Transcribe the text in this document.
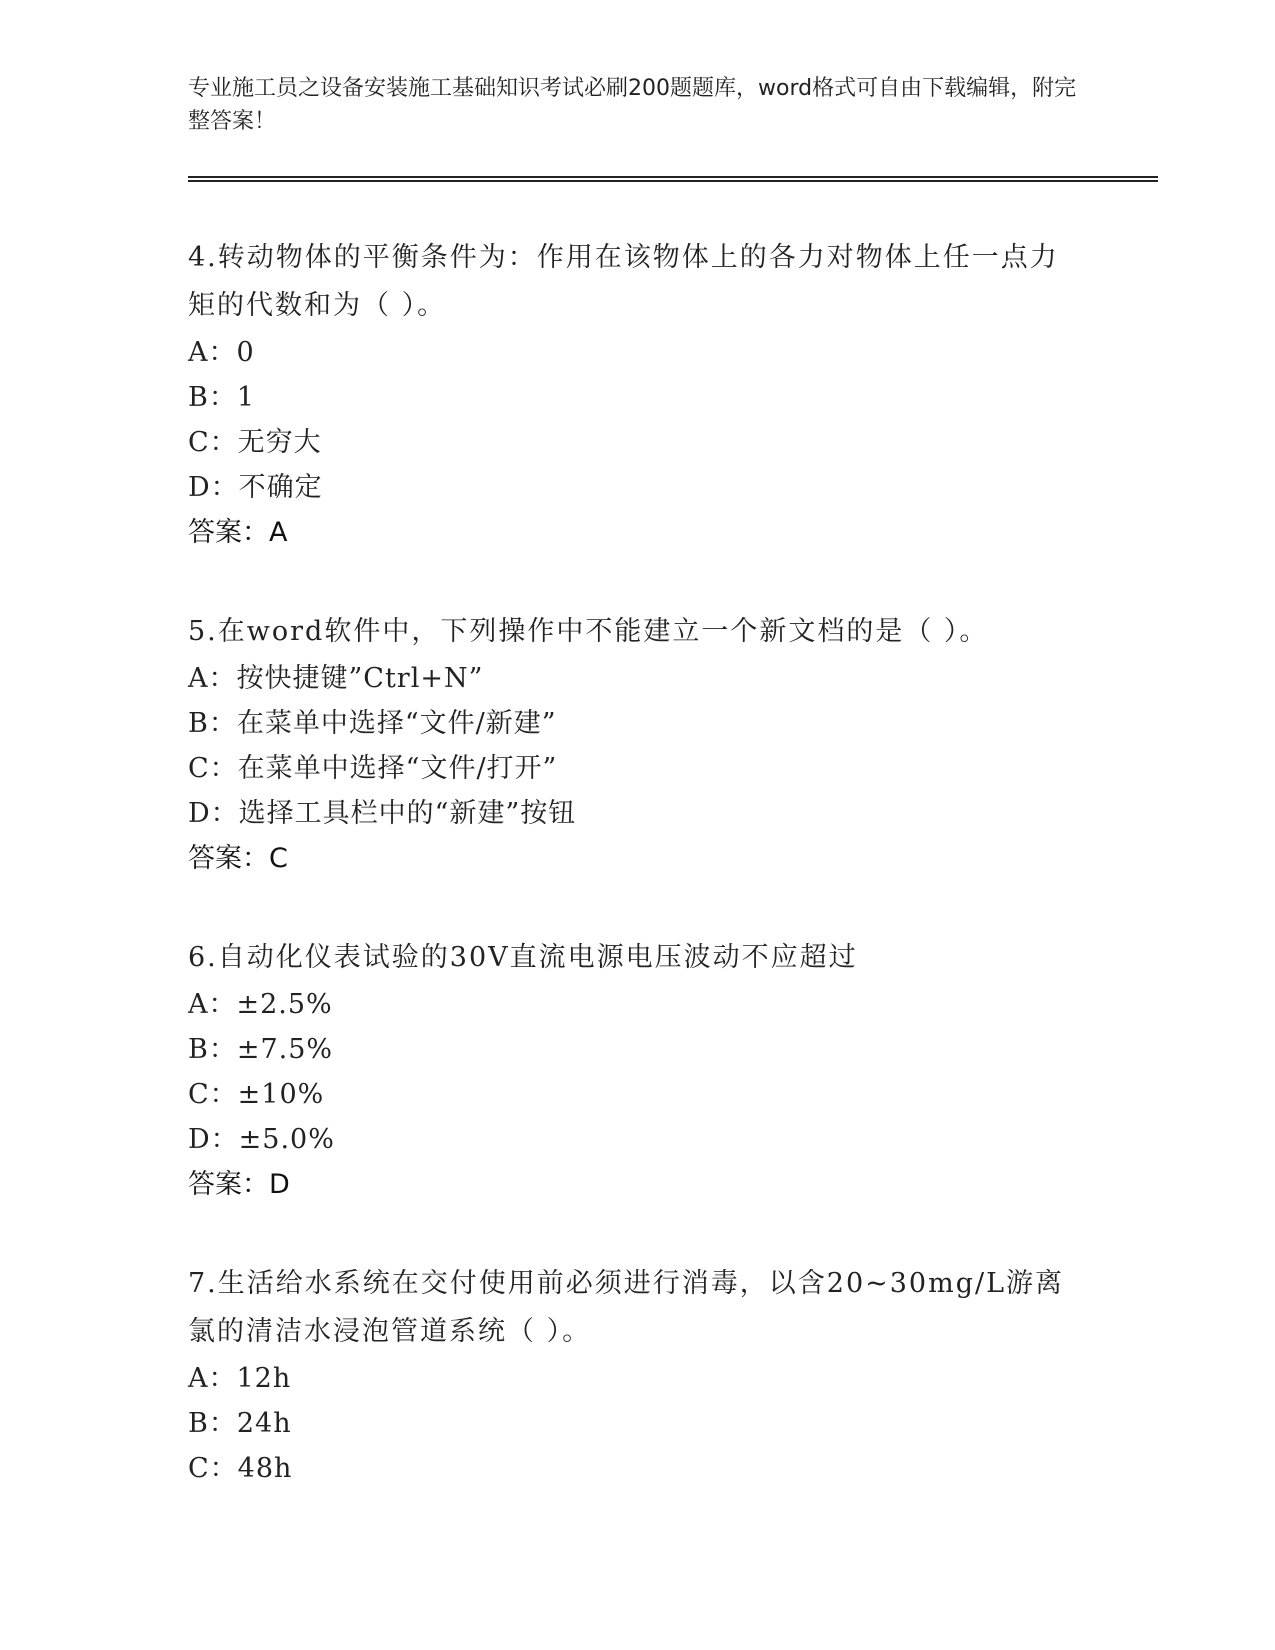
专业施工员之设备安装施工基础知识考试必刷200题题库，word格式可自由下载编辑，附完整答案！

4.转动物体的平衡条件为：作用在该物体上的各力对物体上任一点力矩的代数和为（ ）。

A：0

B：1

C：无穷大

D：不确定

答案：A

5.在word软件中，下列操作中不能建立一个新文档的是（ ）。

A：按快捷键”Ctrl+N”

B：在菜单中选择“文件/新建”

C：在菜单中选择“文件/打开”

D：选择工具栏中的“新建”按钮

答案：C

6.自动化仪表试验的30V直流电源电压波动不应超过

A：±2.5%

B：±7.5%

C：±10%

D：±5.0%

答案：D

7.生活给水系统在交付使用前必须进行消毒，以含20~30mg/L游离氯的清洁水浸泡管道系统（ ）。

A：12h

B：24h

C：48h
